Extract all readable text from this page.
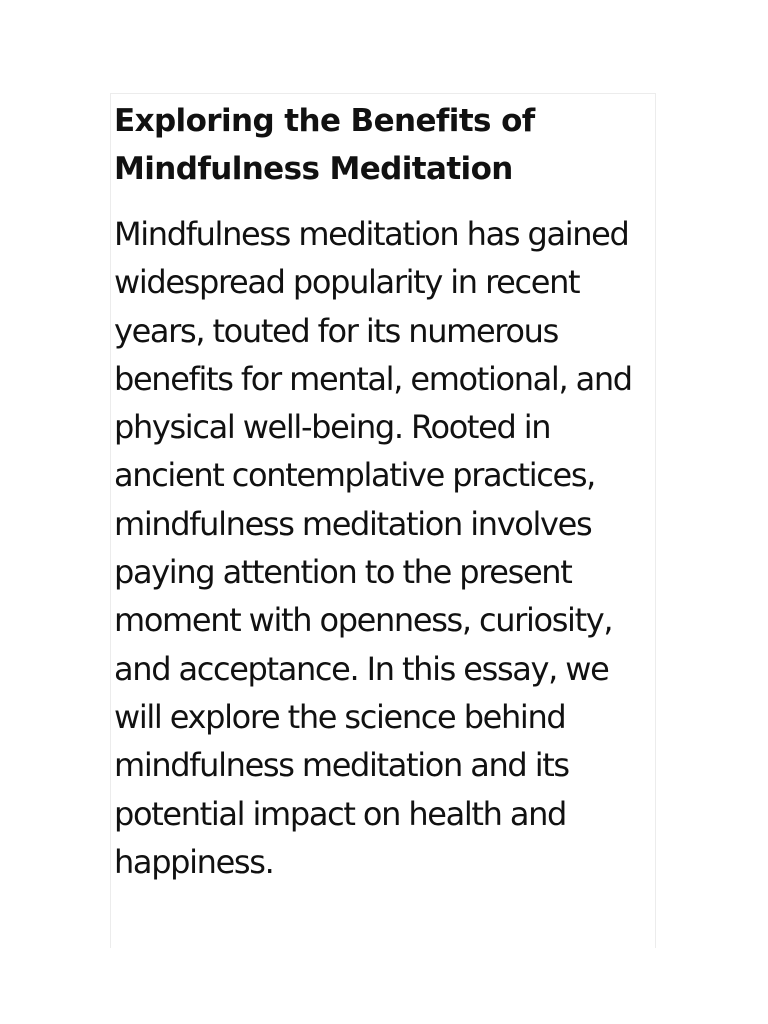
Exploring the Benefits of Mindfulness Meditation

Mindfulness meditation has gained widespread popularity in recent years, touted for its numerous benefits for mental, emotional, and physical well-being. Rooted in ancient contemplative practices, mindfulness meditation involves paying attention to the present moment with openness, curiosity, and acceptance. In this essay, we will explore the science behind mindfulness meditation and its potential impact on health and happiness.
